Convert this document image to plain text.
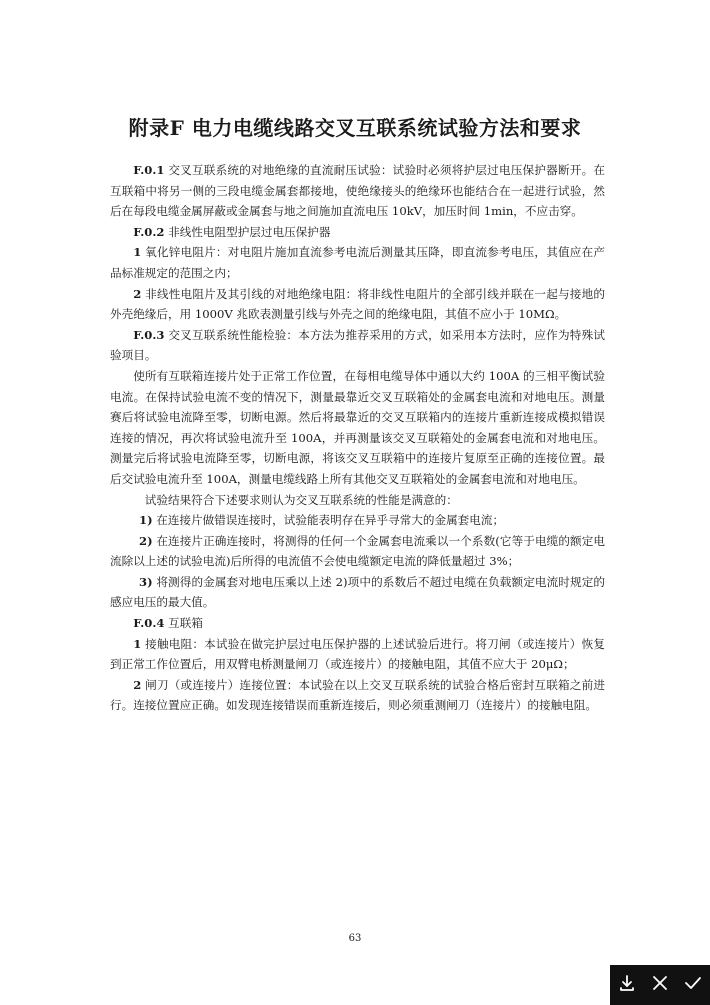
附录F 电力电缆线路交叉互联系统试验方法和要求

F.0.1 交叉互联系统的对地绝缘的直流耐压试验：试验时必须将护层过电压保护器断开。在互联箱中将另一侧的三段电缆金属套都接地，使绝缘接头的绝缘环也能结合在一起进行试验，然后在每段电缆金属屏蔽或金属套与地之间施加直流电压 10kV，加压时间 1min，不应击穿。

F.0.2 非线性电阻型护层过电压保护器

1 氧化锌电阻片：对电阻片施加直流参考电流后测量其压降，即直流参考电压，其值应在产品标准规定的范围之内；

2 非线性电阻片及其引线的对地绝缘电阻：将非线性电阻片的全部引线并联在一起与接地的外壳绝缘后，用 1000V 兆欧表测量引线与外壳之间的绝缘电阻，其值不应小于 10MΩ。

F.0.3 交叉互联系统性能检验：本方法为推荐采用的方式，如采用本方法时，应作为特殊试验项目。

使所有互联箱连接片处于正常工作位置，在每相电缆导体中通以大约 100A 的三相平衡试验电流。在保持试验电流不变的情况下，测量最靠近交叉互联箱处的金属套电流和对地电压。测量赛后将试验电流降至零，切断电源。然后将最靠近的交叉互联箱内的连接片重新连接成模拟错误连接的情况，再次将试验电流升至 100A，并再测量该交叉互联箱处的金属套电流和对地电压。测量完后将试验电流降至零，切断电源，将该交叉互联箱中的连接片复原至正确的连接位置。最后交试验电流升至 100A，测量电缆线路上所有其他交叉互联箱处的金属套电流和对地电压。

试验结果符合下述要求则认为交叉互联系统的性能是满意的：

1) 在连接片做错误连接时，试验能表明存在异乎寻常大的金属套电流；

2) 在连接片正确连接时，将测得的任何一个金属套电流乘以一个系数(它等于电缆的额定电流除以上述的试验电流)后所得的电流值不会使电缆额定电流的降低量超过 3%；

3) 将测得的金属套对地电压乘以上述 2)项中的系数后不超过电缆在负载额定电流时规定的感应电压的最大值。

F.0.4 互联箱

1 接触电阻：本试验在做完护层过电压保护器的上述试验后进行。将刀闸（或连接片）恢复到正常工作位置后，用双臂电桥测量闸刀（或连接片）的接触电阻，其值不应大于 20μΩ；

2 闸刀（或连接片）连接位置：本试验在以上交叉互联系统的试验合格后密封互联箱之前进行。连接位置应正确。如发现连接错误而重新连接后，则必须重测闸刀（连接片）的接触电阻。

63
